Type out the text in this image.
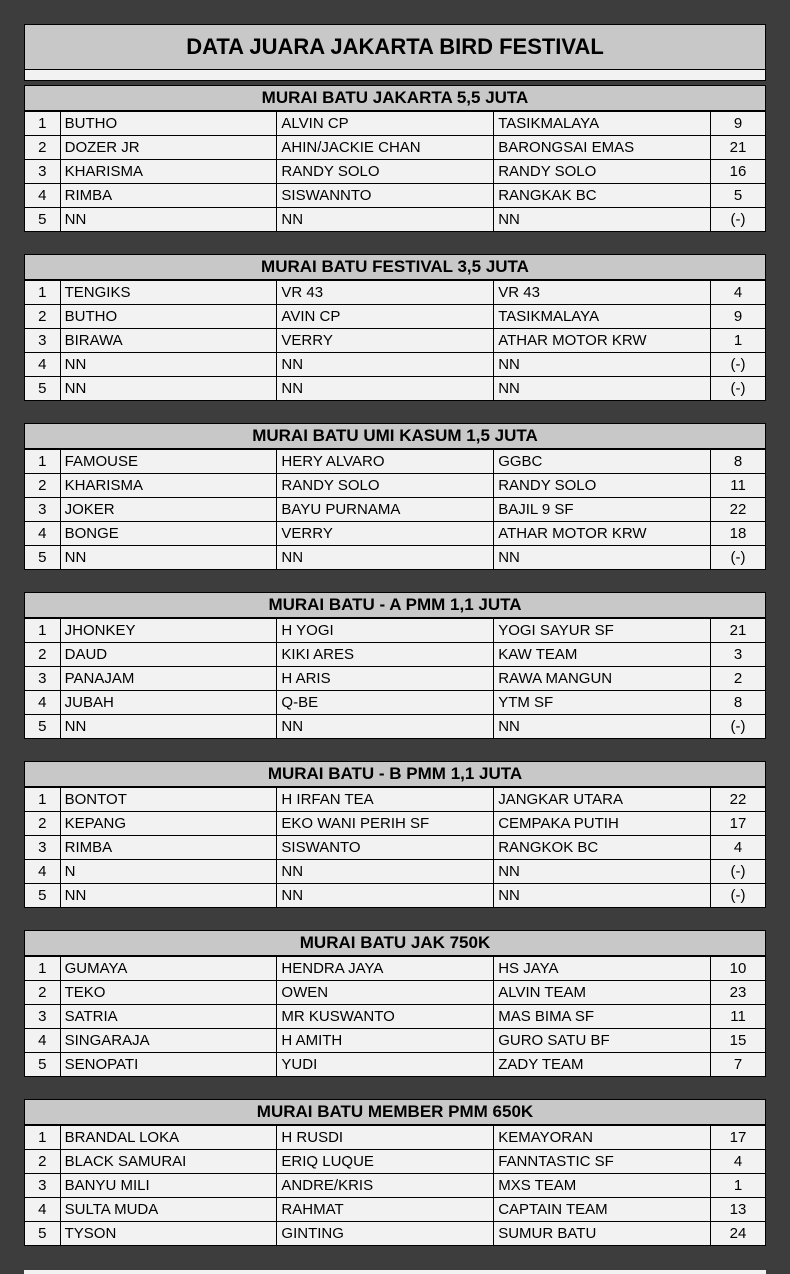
DATA JUARA JAKARTA BIRD FESTIVAL
MURAI BATU JAKARTA 5,5 JUTA
1	BUTHO	ALVIN CP	TASIKMALAYA	9
2	DOZER JR	AHIN/JACKIE CHAN	BARONGSAI EMAS	21
3	KHARISMA	RANDY SOLO	RANDY SOLO	16
4	RIMBA	SISWANNTO	RANGKAK BC	5
5	NN	NN	NN	(-)
MURAI BATU FESTIVAL 3,5 JUTA
1	TENGIKS	VR 43	VR 43	4
2	BUTHO	AVIN CP	TASIKMALAYA	9
3	BIRAWA	VERRY	ATHAR MOTOR KRW	1
4	NN	NN	NN	(-)
5	NN	NN	NN	(-)
MURAI BATU UMI KASUM 1,5 JUTA
1	FAMOUSE	HERY ALVARO	GGBC	8
2	KHARISMA	RANDY SOLO	RANDY SOLO	11
3	JOKER	BAYU PURNAMA	BAJIL 9 SF	22
4	BONGE	VERRY	ATHAR MOTOR KRW	18
5	NN	NN	NN	(-)
MURAI BATU - A PMM 1,1 JUTA
1	JHONKEY	H YOGI	YOGI SAYUR SF	21
2	DAUD	KIKI ARES	KAW TEAM	3
3	PANAJAM	H ARIS	RAWA MANGUN	2
4	JUBAH	Q-BE	YTM SF	8
5	NN	NN	NN	(-)
MURAI BATU - B PMM 1,1 JUTA
1	BONTOT	H IRFAN TEA	JANGKAR UTARA	22
2	KEPANG	EKO WANI PERIH SF	CEMPAKA PUTIH	17
3	RIMBA	SISWANTO	RANGKOK BC	4
4	N	NN	NN	(-)
5	NN	NN	NN	(-)
MURAI BATU JAK 750K
1	GUMAYA	HENDRA JAYA	HS JAYA	10
2	TEKO	OWEN	ALVIN TEAM	23
3	SATRIA	MR KUSWANTO	MAS BIMA SF	11
4	SINGARAJA	H AMITH	GURO SATU BF	15
5	SENOPATI	YUDI	ZADY TEAM	7
MURAI BATU MEMBER PMM 650K
1	BRANDAL LOKA	H RUSDI	KEMAYORAN	17
2	BLACK SAMURAI	ERIQ LUQUE	FANNTASTIC SF	4
3	BANYU MILI	ANDRE/KRIS	MXS TEAM	1
4	SULTA MUDA	RAHMAT	CAPTAIN TEAM	13
5	TYSON	GINTING	SUMUR BATU	24
